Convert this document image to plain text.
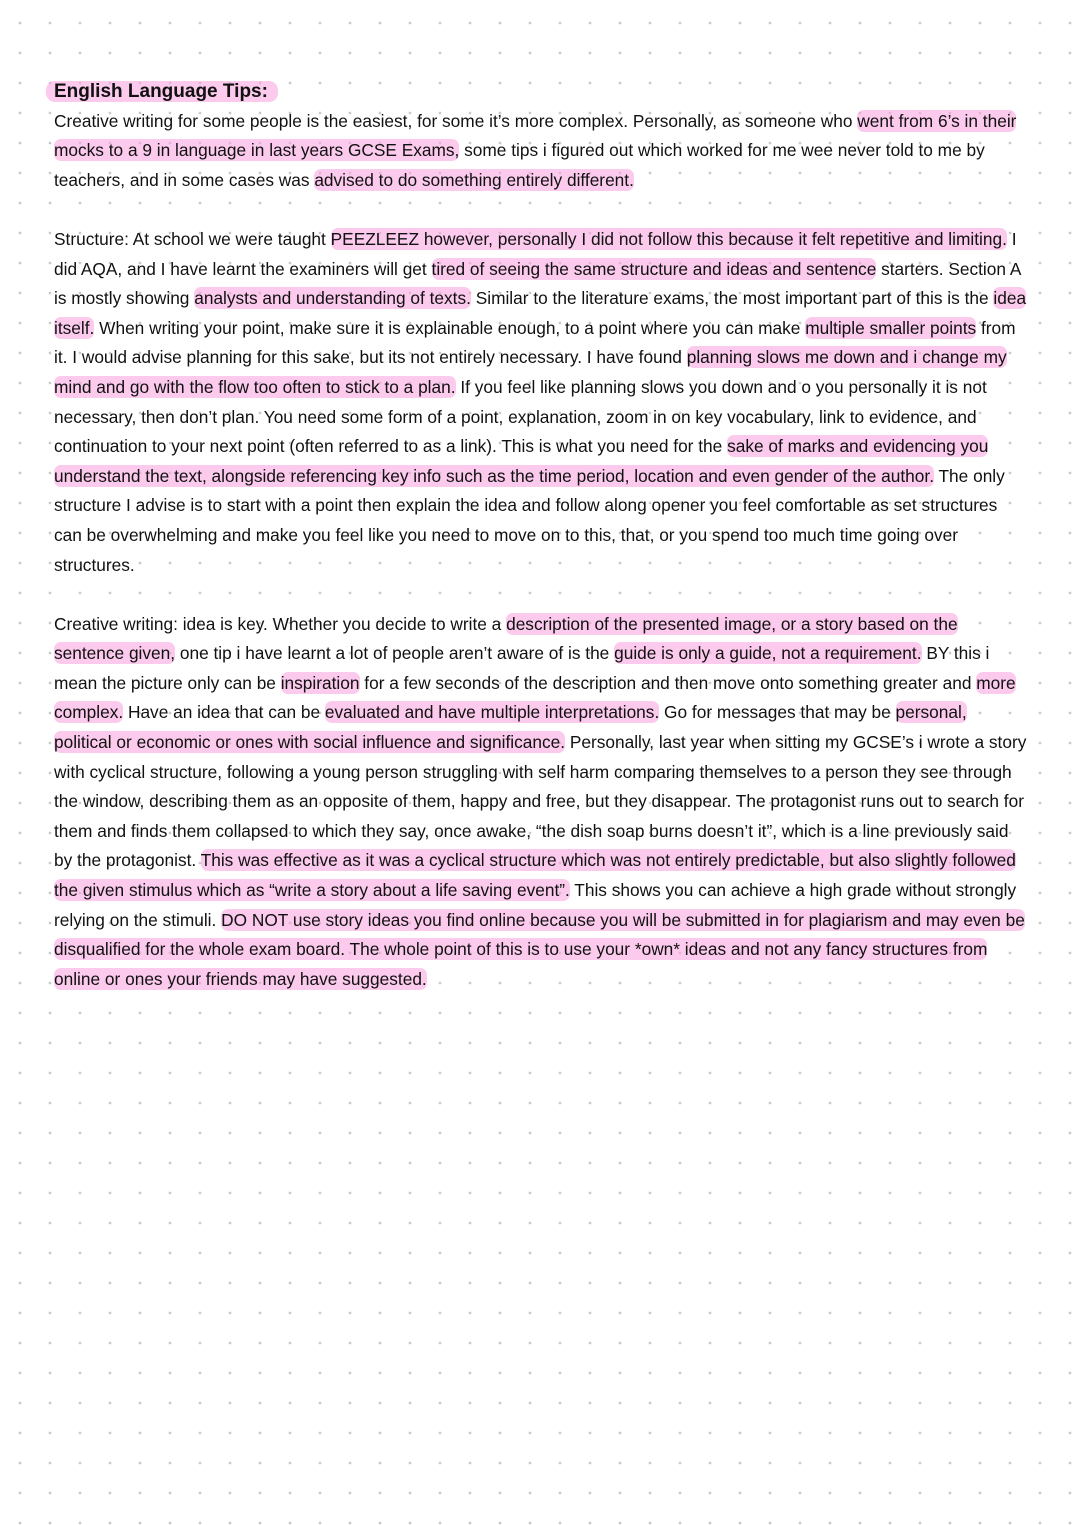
English Language Tips:

Creative writing for some people is the easiest, for some it’s more complex. Personally, as someone who went from 6’s in their mocks to a 9 in language in last years GCSE Exams, some tips i figured out which worked for me wee never told to me by teachers, and in some cases was advised to do something entirely different.

Structure: At school we were taught PEEZLEEZ however, personally I did not follow this because it felt repetitive and limiting. I did AQA, and I have learnt the examiners will get tired of seeing the same structure and ideas and sentence starters. Section A is mostly showing analysts and understanding of texts. Similar to the literature exams, the most important part of this is the idea itself. When writing your point, make sure it is explainable enough, to a point where you can make multiple smaller points from it. I would advise planning for this sake, but its not entirely necessary. I have found planning slows me down and i change my mind and go with the flow too often to stick to a plan. If you feel like planning slows you down and o you personally it is not necessary, then don’t plan. You need some form of a point, explanation, zoom in on key vocabulary, link to evidence, and continuation to your next point (often referred to as a link). This is what you need for the sake of marks and evidencing you understand the text, alongside referencing key info such as the time period, location and even gender of the author. The only structure I advise is to start with a point then explain the idea and follow along opener you feel comfortable as set structures can be overwhelming and make you feel like you need to move on to this, that, or you spend too much time going over structures.

Creative writing: idea is key. Whether you decide to write a description of the presented image, or a story based on the sentence given, one tip i have learnt a lot of people aren’t aware of is the guide is only a guide, not a requirement. BY this i mean the picture only can be inspiration for a few seconds of the description and then move onto something greater and more complex. Have an idea that can be evaluated and have multiple interpretations. Go for messages that may be personal, political or economic or ones with social influence and significance. Personally, last year when sitting my GCSE’s i wrote a story with cyclical structure, following a young person struggling with self harm comparing themselves to a person they see through the window, describing them as an opposite of them, happy and free, but they disappear. The protagonist runs out to search for them and finds them collapsed to which they say, once awake, “the dish soap burns doesn’t it”, which is a line previously said by the protagonist. This was effective as it was a cyclical structure which was not entirely predictable, but also slightly followed the given stimulus which as “write a story about a life saving event”. This shows you can achieve a high grade without strongly relying on the stimuli. DO NOT use story ideas you find online because you will be submitted in for plagiarism and may even be disqualified for the whole exam board. The whole point of this is to use your *own* ideas and not any fancy structures from online or ones your friends may have suggested.
